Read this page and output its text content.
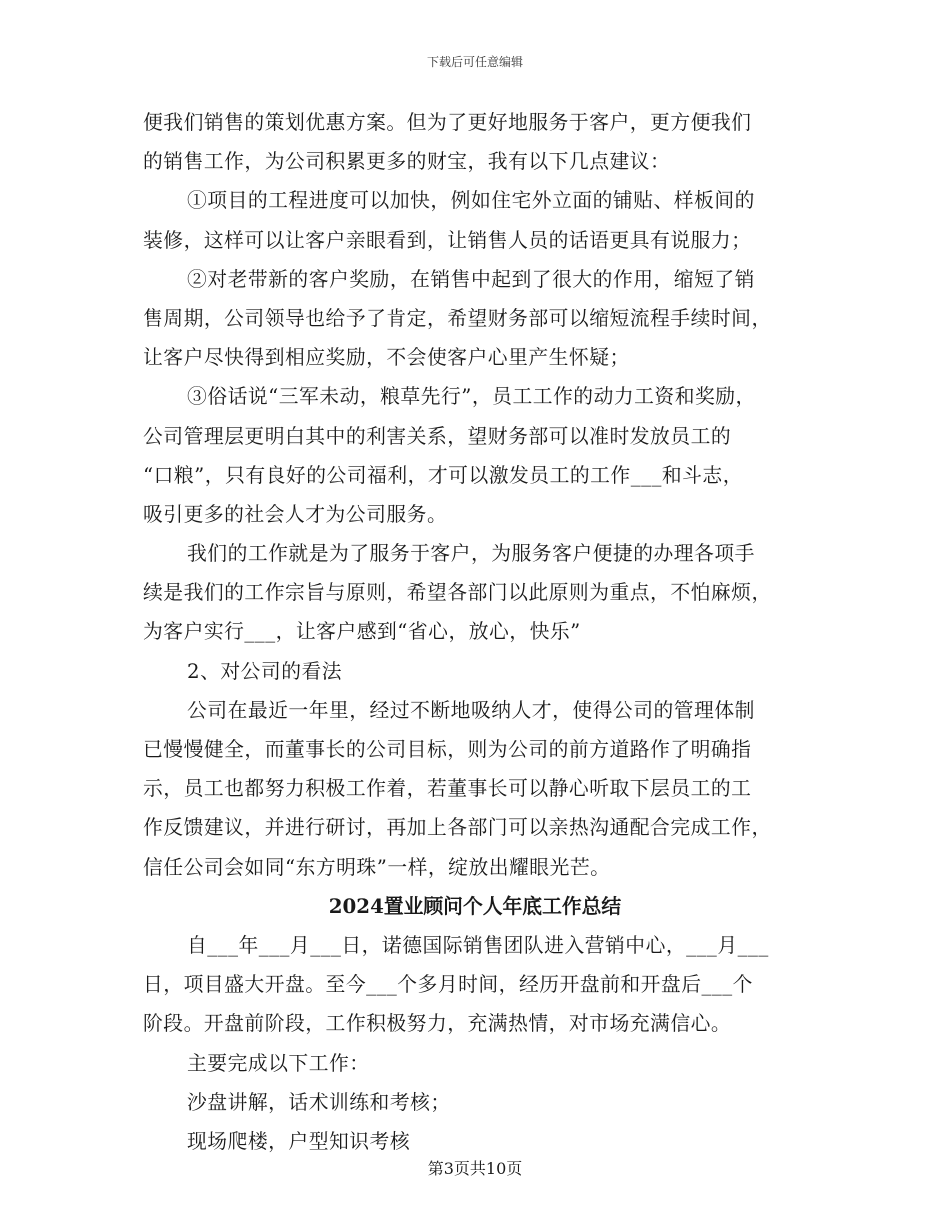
下载后可任意编辑
便我们销售的策划优惠方案。但为了更好地服务于客户，更方便我们
的销售工作，为公司积累更多的财宝，我有以下几点建议：
①项目的工程进度可以加快，例如住宅外立面的铺贴、样板间的
装修，这样可以让客户亲眼看到，让销售人员的话语更具有说服力；
②对老带新的客户奖励，在销售中起到了很大的作用，缩短了销
售周期，公司领导也给予了肯定，希望财务部可以缩短流程手续时间，
让客户尽快得到相应奖励，不会使客户心里产生怀疑；
③俗话说“三军未动，粮草先行”，员工工作的动力工资和奖励，
公司管理层更明白其中的利害关系，望财务部可以准时发放员工的
“口粮”，只有良好的公司福利，才可以激发员工的工作___和斗志，
吸引更多的社会人才为公司服务。
我们的工作就是为了服务于客户，为服务客户便捷的办理各项手
续是我们的工作宗旨与原则，希望各部门以此原则为重点，不怕麻烦，
为客户实行___，让客户感到“省心，放心，快乐”
2、对公司的看法
公司在最近一年里，经过不断地吸纳人才，使得公司的管理体制
已慢慢健全，而董事长的公司目标，则为公司的前方道路作了明确指
示，员工也都努力积极工作着，若董事长可以静心听取下层员工的工
作反馈建议，并进行研讨，再加上各部门可以亲热沟通配合完成工作，
信任公司会如同“东方明珠”一样，绽放出耀眼光芒。
2024置业顾问个人年底工作总结
自___年___月___日，诺德国际销售团队进入营销中心，___月___
日，项目盛大开盘。至今___个多月时间，经历开盘前和开盘后___个
阶段。开盘前阶段，工作积极努力，充满热情，对市场充满信心。
主要完成以下工作：
沙盘讲解，话术训练和考核；
现场爬楼，户型知识考核
第3页共10页
